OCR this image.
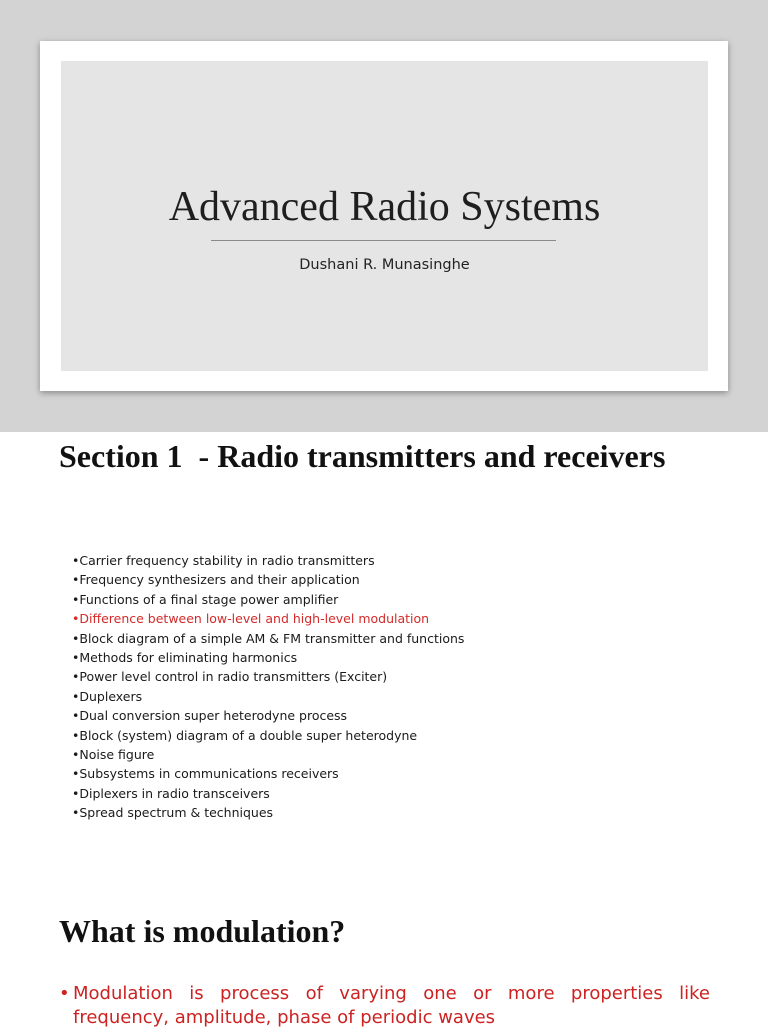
Advanced Radio Systems
Dushani R. Munasinghe
Section 1  - Radio transmitters and receivers
•Carrier frequency stability in radio transmitters
•Frequency synthesizers and their application
•Functions of a final stage power amplifier
•Difference between low-level and high-level modulation
•Block diagram of a simple AM & FM transmitter and functions
•Methods for eliminating harmonics
•Power level control in radio transmitters (Exciter)
•Duplexers
•Dual conversion super heterodyne process
•Block (system) diagram of a double super heterodyne
•Noise figure
•Subsystems in communications receivers
•Diplexers in radio transceivers
•Spread spectrum & techniques
What is modulation?

• Modulation is process of varying one or more properties like frequency, amplitude, phase of periodic waves
